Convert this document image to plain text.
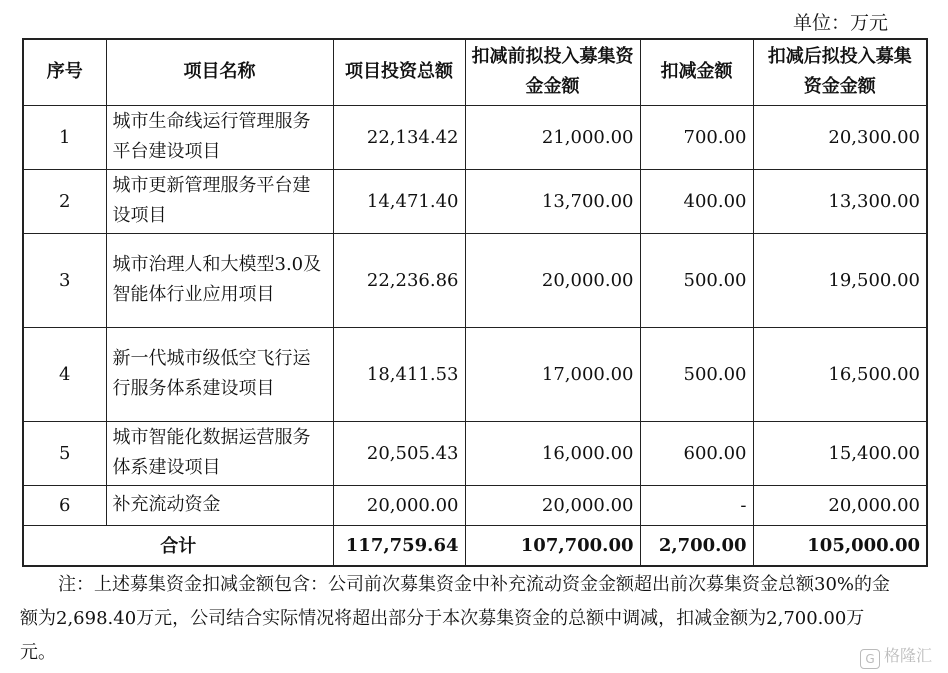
单位：万元
序号	项目名称	项目投资总额	扣减前拟投入募集资金金额	扣减金额	扣减后拟投入募集资金金额
1	城市生命线运行管理服务平台建设项目	22,134.42	21,000.00	700.00	20,300.00
2	城市更新管理服务平台建设项目	14,471.40	13,700.00	400.00	13,300.00
3	城市治理人和大模型3.0及智能体行业应用项目	22,236.86	20,000.00	500.00	19,500.00
4	新一代城市级低空飞行运行服务体系建设项目	18,411.53	17,000.00	500.00	16,500.00
5	城市智能化数据运营服务体系建设项目	20,505.43	16,000.00	600.00	15,400.00
6	补充流动资金	20,000.00	20,000.00	-	20,000.00
合计		117,759.64	107,700.00	2,700.00	105,000.00
注：上述募集资金扣减金额包含：公司前次募集资金中补充流动资金金额超出前次募集资金总额30%的金额为2,698.40万元，公司结合实际情况将超出部分于本次募集资金的总额中调减，扣减金额为2,700.00万元。	G 格隆汇
